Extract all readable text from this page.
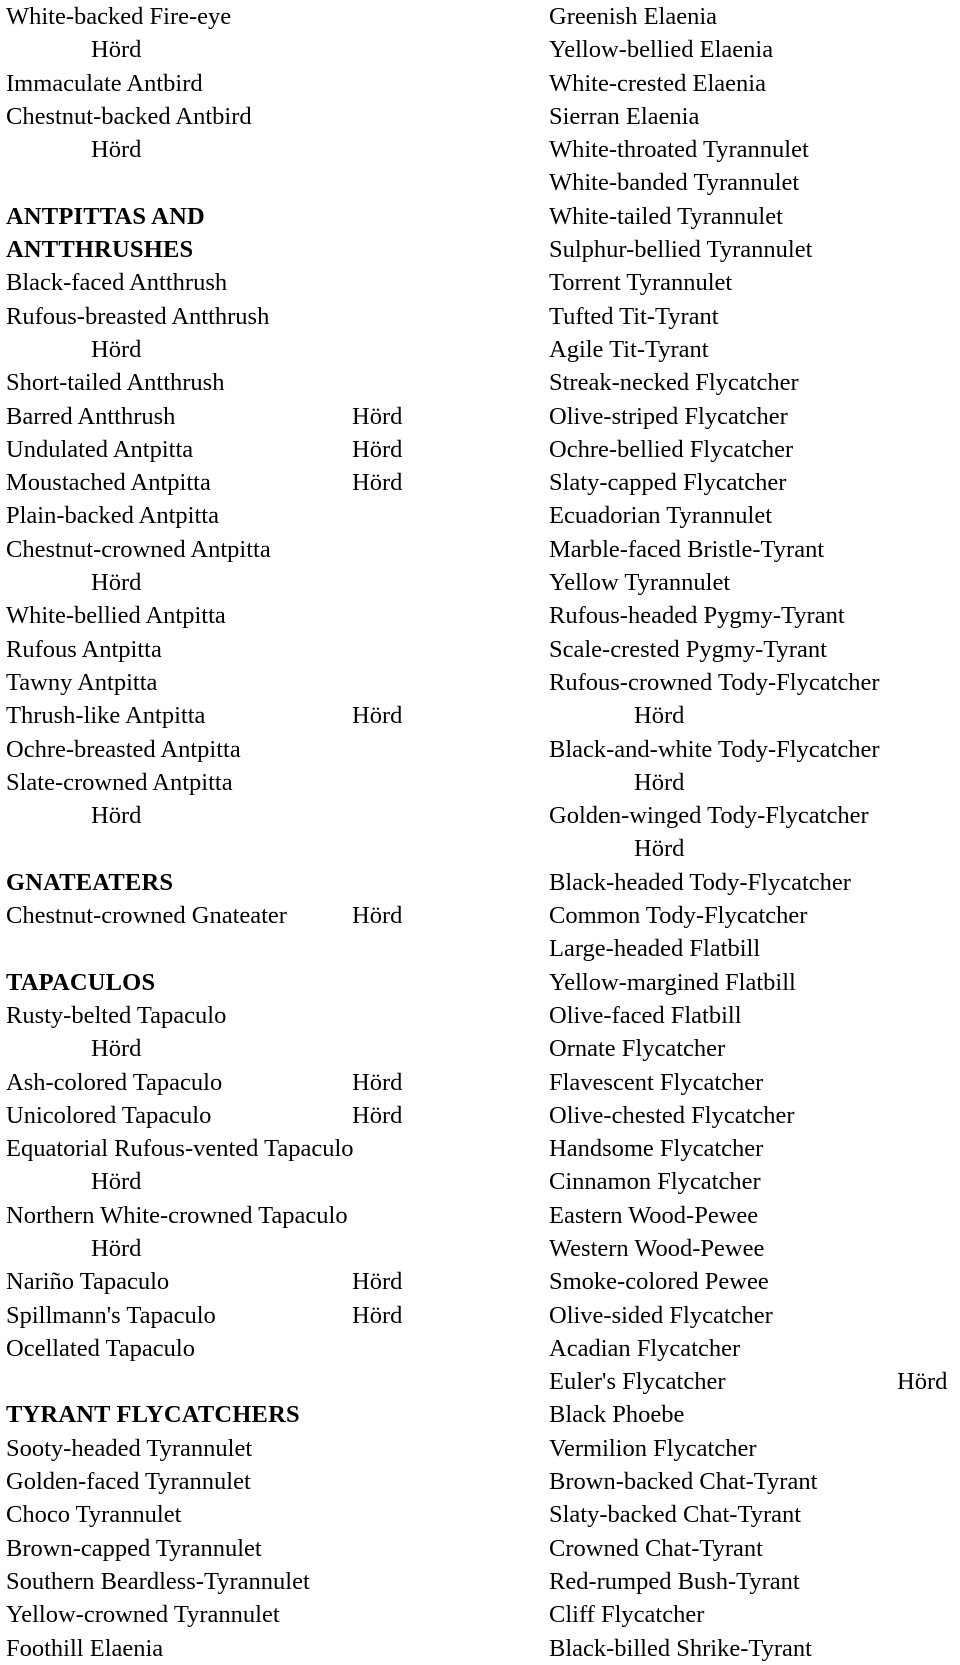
White-backed Fire-eye
Hörd
Immaculate Antbird
Chestnut-backed Antbird
Hörd
ANTPITTAS AND
ANTTHRUSHES
Black-faced Antthrush
Rufous-breasted Antthrush
Hörd
Short-tailed Antthrush
Barred Antthrush	Hörd
Undulated Antpitta	Hörd
Moustached Antpitta	Hörd
Plain-backed Antpitta
Chestnut-crowned Antpitta
Hörd
White-bellied Antpitta
Rufous Antpitta
Tawny Antpitta
Thrush-like Antpitta	Hörd
Ochre-breasted Antpitta
Slate-crowned Antpitta
Hörd
GNATEATERS
Chestnut-crowned Gnateater	Hörd
TAPACULOS
Rusty-belted Tapaculo
Hörd
Ash-colored Tapaculo	Hörd
Unicolored Tapaculo	Hörd
Equatorial Rufous-vented Tapaculo
Hörd
Northern White-crowned Tapaculo
Hörd
Nariño Tapaculo	Hörd
Spillmann's Tapaculo	Hörd
Ocellated Tapaculo
TYRANT FLYCATCHERS
Sooty-headed Tyrannulet
Golden-faced Tyrannulet
Choco Tyrannulet
Brown-capped Tyrannulet
Southern Beardless-Tyrannulet
Yellow-crowned Tyrannulet
Foothill Elaenia
Greenish Elaenia
Yellow-bellied Elaenia
White-crested Elaenia
Sierran Elaenia
White-throated Tyrannulet
White-banded Tyrannulet
White-tailed Tyrannulet
Sulphur-bellied Tyrannulet
Torrent Tyrannulet
Tufted Tit-Tyrant
Agile Tit-Tyrant
Streak-necked Flycatcher
Olive-striped Flycatcher
Ochre-bellied Flycatcher
Slaty-capped Flycatcher
Ecuadorian Tyrannulet
Marble-faced Bristle-Tyrant
Yellow Tyrannulet
Rufous-headed Pygmy-Tyrant
Scale-crested Pygmy-Tyrant
Rufous-crowned Tody-Flycatcher
Hörd
Black-and-white Tody-Flycatcher
Hörd
Golden-winged Tody-Flycatcher
Hörd
Black-headed Tody-Flycatcher
Common Tody-Flycatcher
Large-headed Flatbill
Yellow-margined Flatbill
Olive-faced Flatbill
Ornate Flycatcher
Flavescent Flycatcher
Olive-chested Flycatcher
Handsome Flycatcher
Cinnamon Flycatcher
Eastern Wood-Pewee
Western Wood-Pewee
Smoke-colored Pewee
Olive-sided Flycatcher
Acadian Flycatcher
Euler's Flycatcher	Hörd
Black Phoebe
Vermilion Flycatcher
Brown-backed Chat-Tyrant
Slaty-backed Chat-Tyrant
Crowned Chat-Tyrant
Red-rumped Bush-Tyrant
Cliff Flycatcher
Black-billed Shrike-Tyrant
